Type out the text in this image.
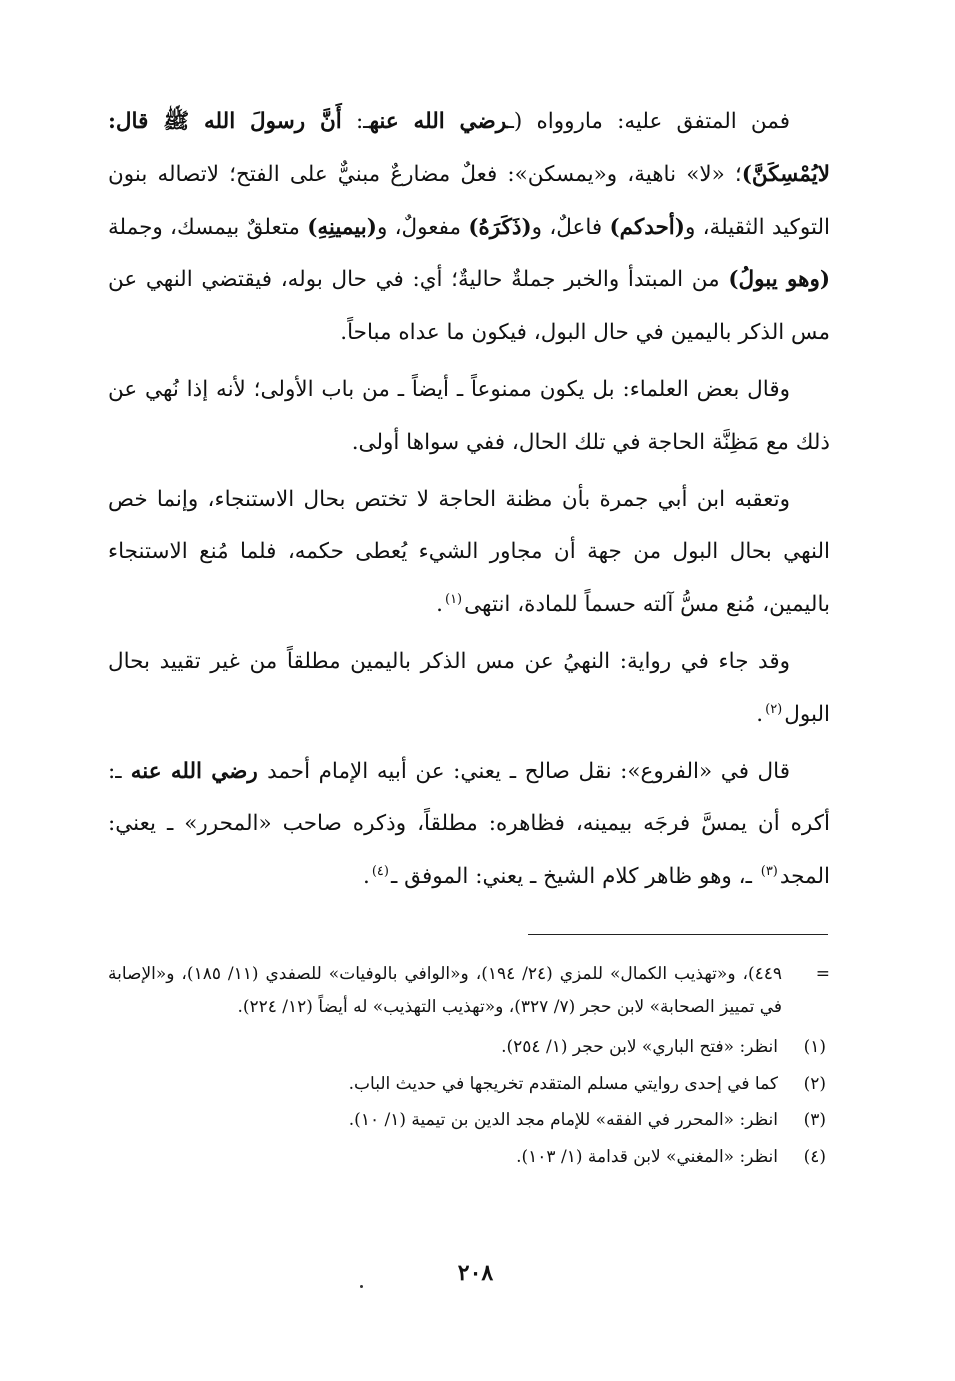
فمن المتفق عليه: ماروواه (ـرضي الله عنهـ: أَنَّ رسولَ الله ﷺ قال: لايُمْسِكَنَّ)؛ «لا» ناهية، و«يمسكن»: فعلٌ مضارعٌ مبنيٌّ على الفتح؛ لاتصاله بنون التوكيد الثقيلة، و(أحدكم) فاعلٌ، و(ذَكَرَهُ) مفعولٌ، و(بيمينِهِ) متعلقٌ بيمسك، وجملة (وهو يبولُ) من المبتدأ والخبر جملةٌ حاليةٌ؛ أي: في حال بوله، فيقتضي النهي عن مس الذكر باليمين في حال البول، فيكون ما عداه مباحاً.

وقال بعض العلماء: بل يكون ممنوعاً ـ أيضاً ـ من باب الأولى؛ لأنه إذا نُهي عن ذلك مع مَظِنَّة الحاجة في تلك الحال، ففي سواها أولى.

وتعقبه ابن أبي جمرة بأن مظنة الحاجة لا تختص بحال الاستنجاء، وإنما خص النهي بحال البول من جهة أن مجاور الشيء يُعطى حكمه، فلما مُنع الاستنجاء باليمين، مُنع مسُّ آلته حسماً للمادة، انتهى$^{(١)}$.

وقد جاء في رواية: النهيُ عن مس الذكر باليمين مطلقاً من غير تقييد بحال البول$^{(٢)}$.

قال في «الفروع»: نقل صالح ـ يعني: عن أبيه الإمام أحمد رضي الله عنه ـ: أكره أن يمسَّ فرجَه بيمينه، فظاهره: مطلقاً، وذكره صاحب «المحرر» ـ يعني: المجد$^{(٣)}$ ـ، وهو ظاهر كلام الشيخ ـ يعني: الموفق ـ$^{(٤)}$.

=
٤٤٩)، و«تهذيب الكمال» للمزي (٢٤/ ١٩٤)، و«الوافي بالوفيات» للصفدي (١١/ ١٨٥)، و«الإصابة في تمييز الصحابة» لابن حجر (٧/ ٣٢٧)، و«تهذيب التهذيب» له أيضاً (١٢/ ٢٢٤).

(١)
انظر: «فتح الباري» لابن حجر (١/ ٢٥٤).
(٢)
كما في إحدى روايتي مسلم المتقدم تخريجها في حديث الباب.
(٣)
انظر: «المحرر في الفقه» للإمام مجد الدين بن تيمية (١/ ١٠).
(٤)
انظر: «المغني» لابن قدامة (١/ ١٠٣).
٢٠٨
